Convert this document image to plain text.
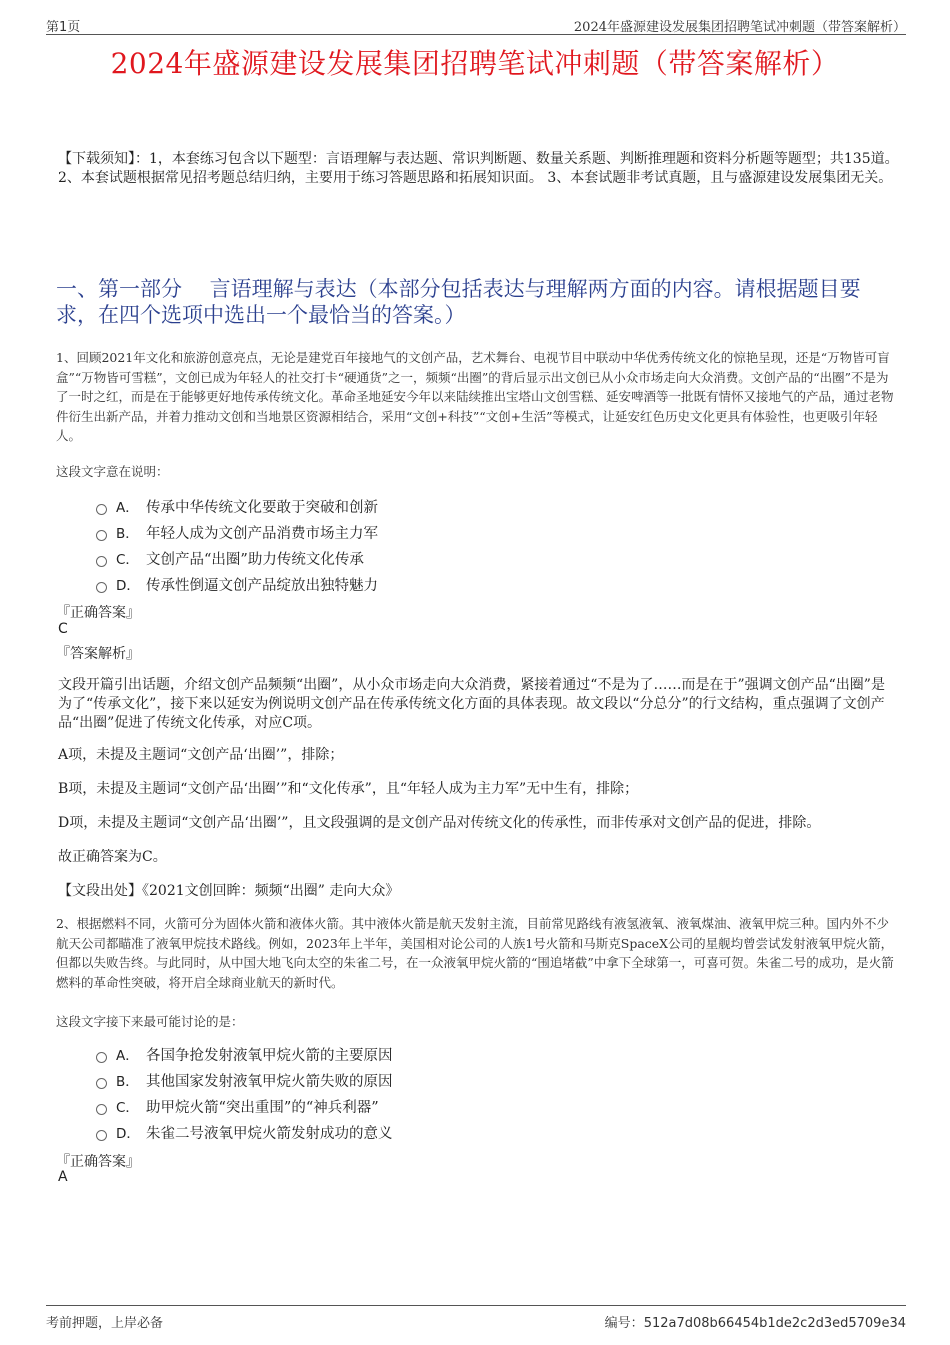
第1页	2024年盛源建设发展集团招聘笔试冲刺题（带答案解析）
2024年盛源建设发展集团招聘笔试冲刺题（带答案解析）
【下载须知】：1，本套练习包含以下题型：言语理解与表达题、常识判断题、数量关系题、判断推理题和资料分析题等题型；共135道。 2、本套试题根据常见招考题总结归纳，主要用于练习答题思路和拓展知识面。 3、本套试题非考试真题，且与盛源建设发展集团无关。
一、第一部分　 言语理解与表达（本部分包括表达与理解两方面的内容。请根据题目要求，在四个选项中选出一个最恰当的答案。）
1、回顾2021年文化和旅游创意亮点，无论是建党百年接地气的文创产品，艺术舞台、电视节目中联动中华优秀传统文化的惊艳呈现，还是“万物皆可盲盒”“万物皆可雪糕”，文创已成为年轻人的社交打卡“硬通货”之一，频频“出圈”的背后显示出文创已从小众市场走向大众消费。文创产品的“出圈”不是为了一时之红，而是在于能够更好地传承传统文化。革命圣地延安今年以来陆续推出宝塔山文创雪糕、延安啤酒等一批既有情怀又接地气的产品，通过老物件衍生出新产品，并着力推动文创和当地景区资源相结合，采用“文创+科技”“文创+生活”等模式，让延安红色历史文化更具有体验性，也更吸引年轻人。
这段文字意在说明：
A． 传承中华传统文化要敢于突破和创新
B． 年轻人成为文创产品消费市场主力军
C． 文创产品“出圈”助力传统文化传承
D． 传承性倒逼文创产品绽放出独特魅力
『正确答案』
C
『答案解析』
文段开篇引出话题，介绍文创产品频频“出圈”，从小众市场走向大众消费，紧接着通过“不是为了……而是在于”强调文创产品“出圈”是为了“传承文化”，接下来以延安为例说明文创产品在传承传统文化方面的具体表现。故文段以“分总分”的行文结构，重点强调了文创产品“出圈”促进了传统文化传承，对应C项。
A项，未提及主题词“文创产品‘出圈’”，排除；
B项，未提及主题词“文创产品‘出圈’”和“文化传承”，且“年轻人成为主力军”无中生有，排除；
D项，未提及主题词“文创产品‘出圈’”，且文段强调的是文创产品对传统文化的传承性，而非传承对文创产品的促进，排除。
故正确答案为C。
【文段出处】《2021文创回眸：频频“出圈” 走向大众》
2、根据燃料不同，火箭可分为固体火箭和液体火箭。其中液体火箭是航天发射主流，目前常见路线有液氢液氧、液氧煤油、液氧甲烷三种。国内外不少航天公司都瞄准了液氧甲烷技术路线。例如，2023年上半年，美国相对论公司的人族1号火箭和马斯克SpaceX公司的星舰均曾尝试发射液氧甲烷火箭，但都以失败告终。与此同时，从中国大地飞向太空的朱雀二号，在一众液氧甲烷火箭的“围追堵截”中拿下全球第一，可喜可贺。朱雀二号的成功，是火箭燃料的革命性突破，将开启全球商业航天的新时代。
这段文字接下来最可能讨论的是：
A． 各国争抢发射液氧甲烷火箭的主要原因
B． 其他国家发射液氧甲烷火箭失败的原因
C． 助甲烷火箭“突出重围”的“神兵利器”
D． 朱雀二号液氧甲烷火箭发射成功的意义
『正确答案』
A
考前押题，上岸必备	编号：512a7d08b66454b1de2c2d3ed5709e34
